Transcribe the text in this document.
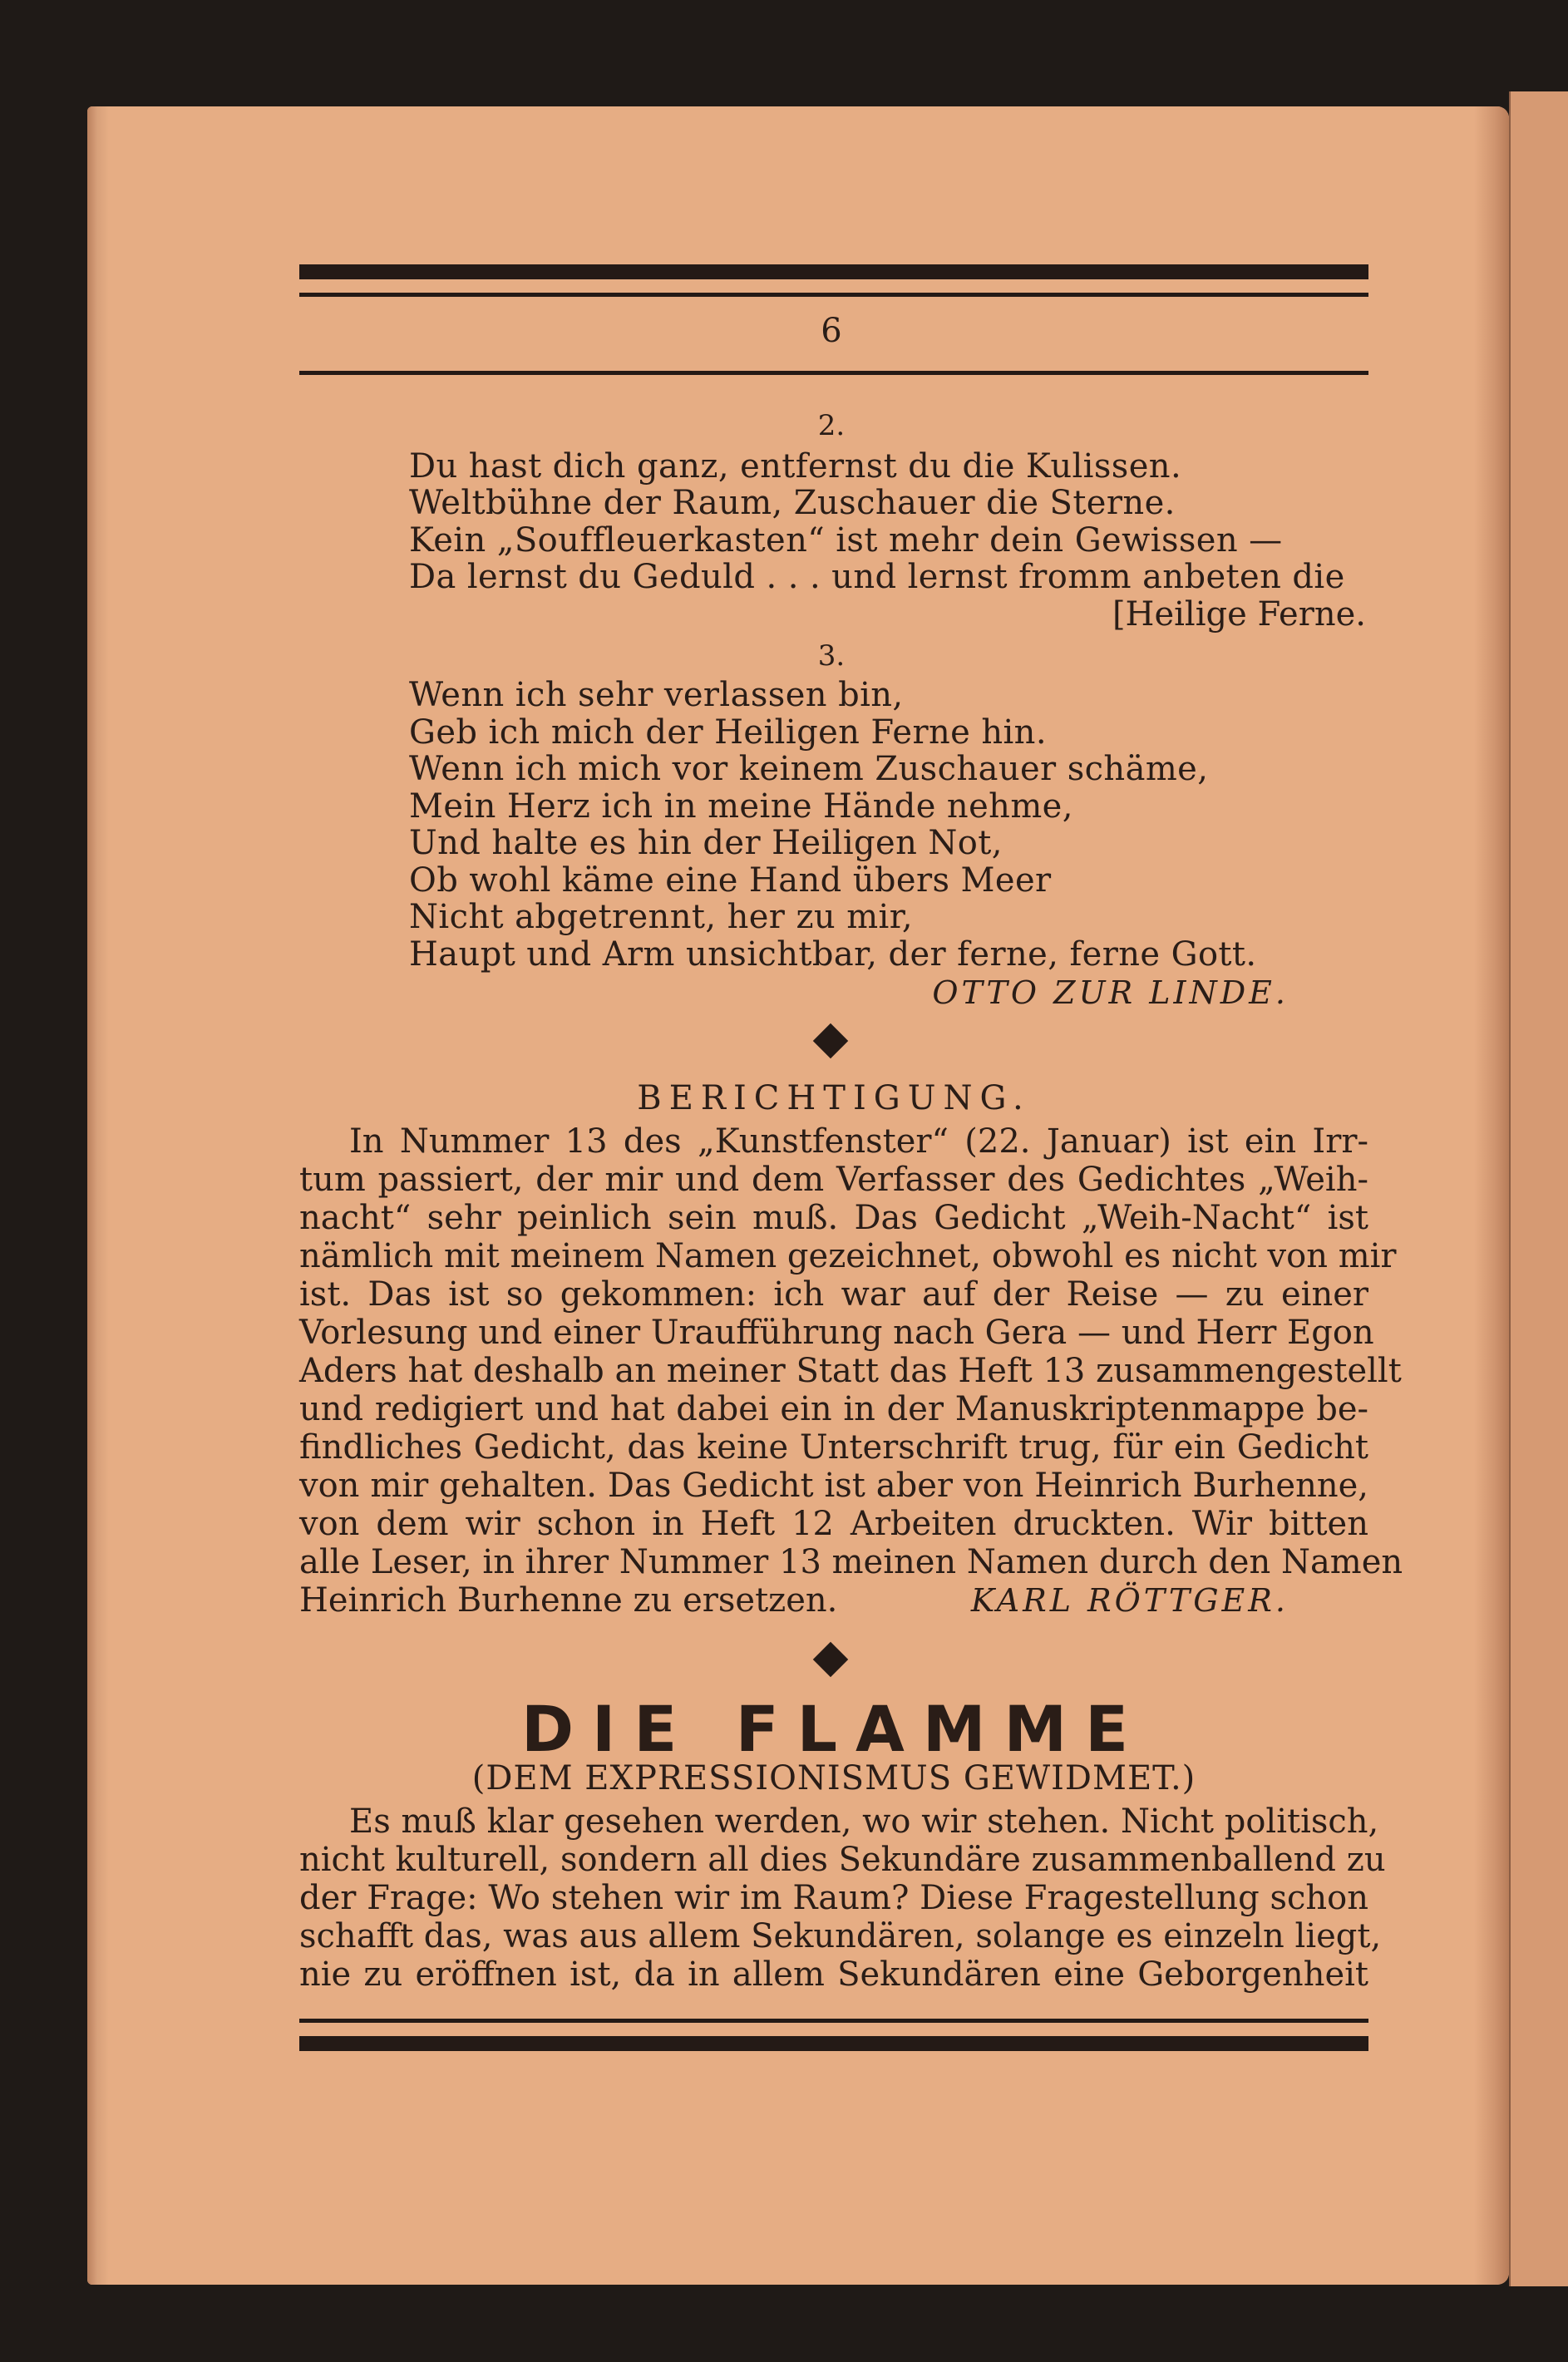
6
2.
Du hast dich ganz, entfernst du die Kulissen.
Weltbühne der Raum, Zuschauer die Sterne.
Kein „Souffleuerkasten“ ist mehr dein Gewissen —
Da lernst du Geduld . . . und lernst fromm anbeten die
[Heilige Ferne.
3.
Wenn ich sehr verlassen bin,
Geb ich mich der Heiligen Ferne hin.
Wenn ich mich vor keinem Zuschauer schäme,
Mein Herz ich in meine Hände nehme,
Und halte es hin der Heiligen Not,
Ob wohl käme eine Hand übers Meer
Nicht abgetrennt, her zu mir,
Haupt und Arm unsichtbar, der ferne, ferne Gott.
OTTO ZUR LINDE.
BERICHTIGUNG.
In Nummer 13 des „Kunstfenster“ (22. Januar) ist ein Irr-
tum passiert, der mir und dem Verfasser des Gedichtes „Weih-
nacht“ sehr peinlich sein muß. Das Gedicht „Weih-Nacht“ ist
nämlich mit meinem Namen gezeichnet, obwohl es nicht von mir
ist. Das ist so gekommen: ich war auf der Reise — zu einer
Vorlesung und einer Uraufführung nach Gera — und Herr Egon
Aders hat deshalb an meiner Statt das Heft 13 zusammengestellt
und redigiert und hat dabei ein in der Manuskriptenmappe be-
findliches Gedicht, das keine Unterschrift trug, für ein Gedicht
von mir gehalten. Das Gedicht ist aber von Heinrich Burhenne,
von dem wir schon in Heft 12 Arbeiten druckten. Wir bitten
alle Leser, in ihrer Nummer 13 meinen Namen durch den Namen
Heinrich Burhenne zu ersetzen.	KARL RÖTTGER.
DIE FLAMME
(DEM EXPRESSIONISMUS GEWIDMET.)
Es muß klar gesehen werden, wo wir stehen. Nicht politisch,
nicht kulturell, sondern all dies Sekundäre zusammenballend zu
der Frage: Wo stehen wir im Raum? Diese Fragestellung schon
schafft das, was aus allem Sekundären, solange es einzeln liegt,
nie zu eröffnen ist, da in allem Sekundären eine Geborgenheit
